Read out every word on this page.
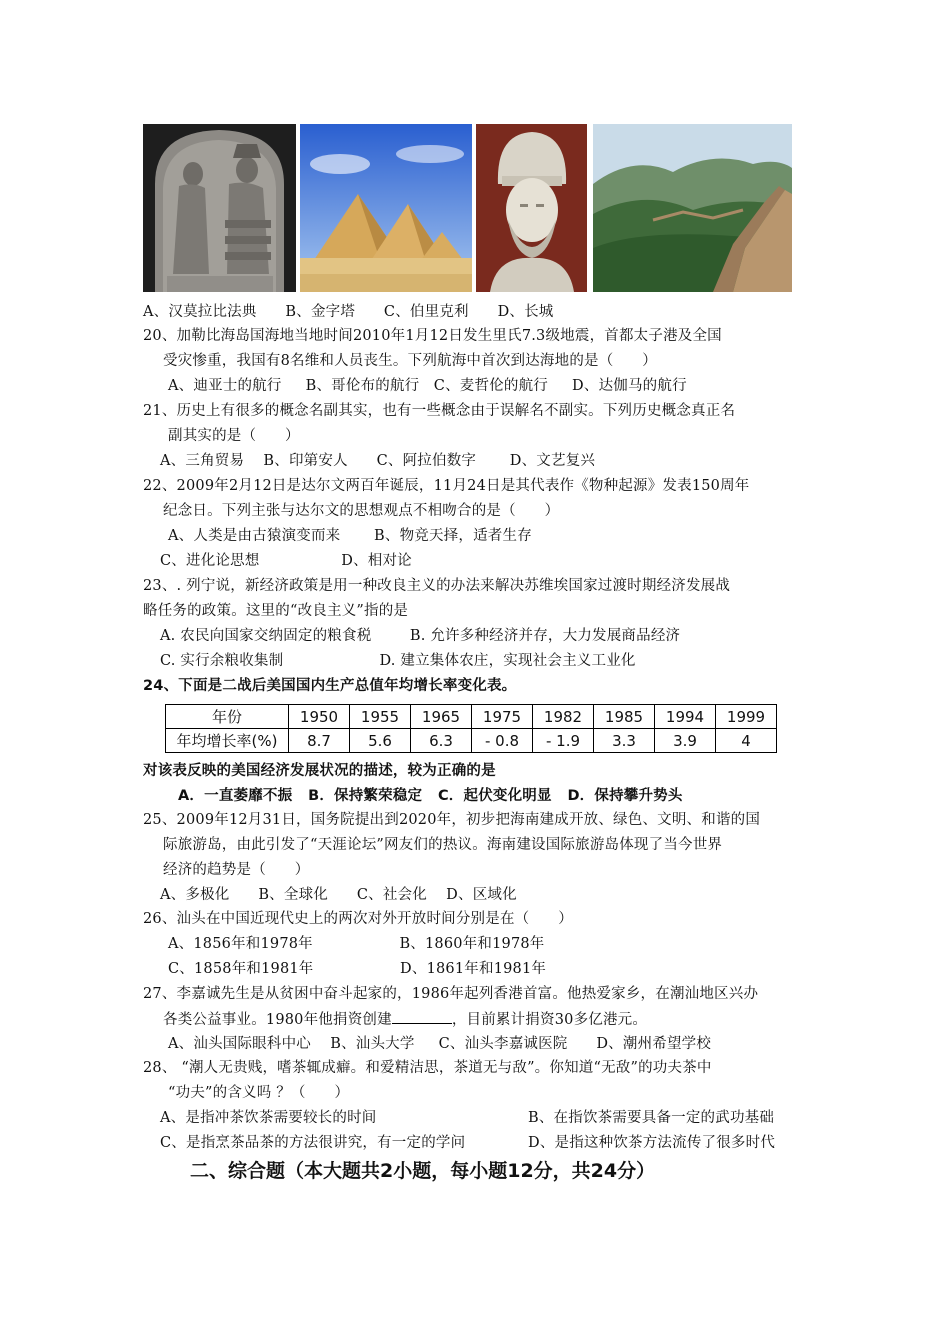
A、汉莫拉比法典      B、金字塔      C、伯里克利      D、长城
20、加勒比海岛国海地当地时间2010年1月12日发生里氏7.3级地震，首都太子港及全国
受灾惨重，我国有8名维和人员丧生。下列航海中首次到达海地的是（      ）
A、迪亚士的航行     B、哥伦布的航行   C、麦哲伦的航行     D、达伽马的航行
21、历史上有很多的概念名副其实，也有一些概念由于误解名不副实。下列历史概念真正名
副其实的是（      ）
A、三角贸易    B、印第安人      C、阿拉伯数字       D、文艺复兴
22、2009年2月12日是达尔文两百年诞辰，11月24日是其代表作《物种起源》发表150周年
纪念日。下列主张与达尔文的思想观点不相吻合的是（      ）
A、人类是由古猿演变而来       B、物竞天择，适者生存
C、进化论思想                 D、相对论
23、. 列宁说，新经济政策是用一种改良主义的办法来解决苏维埃国家过渡时期经济发展战
略任务的政策。这里的“改良主义”指的是
A. 农民向国家交纳固定的粮食税        B. 允许多种经济并存，大力发展商品经济
C. 实行余粮收集制                    D. 建立集体农庄，实现社会主义工业化
24、下面是二战后美国国内生产总值年均增长率变化表。
年份	1950	1955	1965	1975	1982	1985	1994	1999
年均增长率(%)	8.7	5.6	6.3	- 0.8	- 1.9	3.3	3.9	4
对该表反映的美国经济发展状况的描述，较为正确的是
A．一直萎靡不振   B．保持繁荣稳定   C．起伏变化明显   D．保持攀升势头
25、2009年12月31日，国务院提出到2020年，初步把海南建成开放、绿色、文明、和谐的国
际旅游岛，由此引发了“天涯论坛”网友们的热议。海南建设国际旅游岛体现了当今世界
经济的趋势是（      ）
A、多极化      B、全球化      C、社会化    D、区域化
26、汕头在中国近现代史上的两次对外开放时间分别是在（      ）
A、1856年和1978年                  B、1860年和1978年
C、1858年和1981年                  D、1861年和1981年
27、李嘉诚先生是从贫困中奋斗起家的，1986年起列香港首富。他热爱家乡，在潮汕地区兴办
各类公益事业。1980年他捐资创建	，目前累计捐资30多亿港元。
A、汕头国际眼科中心    B、汕头大学     C、汕头李嘉诚医院      D、潮州希望学校
28、 “潮人无贵贱，嗜茶辄成癖。和爱精洁思，茶道无与敌”。你知道“无敌”的功夫茶中
“功夫”的含义吗 ？（      ）
A、是指冲茶饮茶需要较长的时间	B、在指饮茶需要具备一定的武功基础
C、是指烹茶品茶的方法很讲究，有一定的学问	D、是指这种饮茶方法流传了很多时代
二、综合题（本大题共2小题，每小题12分，共24分）
